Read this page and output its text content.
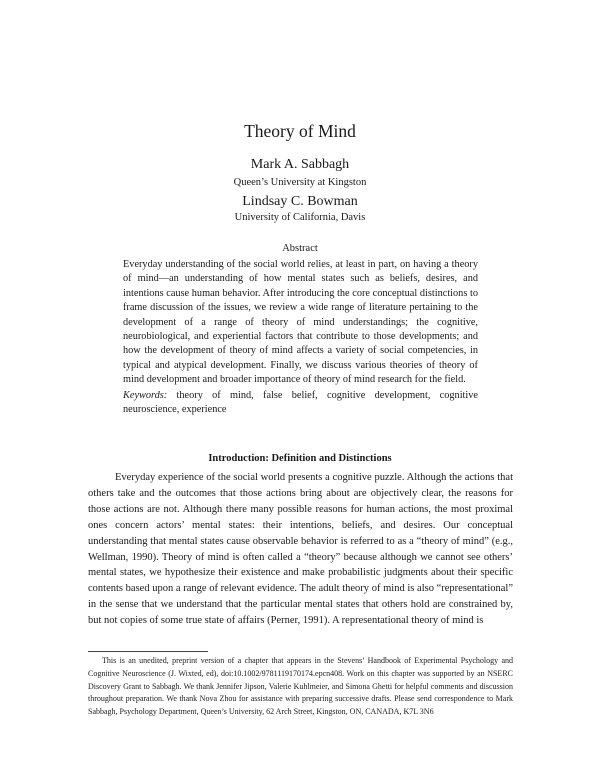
Theory of Mind
Mark A. Sabbagh
Queen’s University at Kingston
Lindsay C. Bowman
University of California, Davis
Abstract

Everyday understanding of the social world relies, at least in part, on having a theory of mind—an understanding of how mental states such as beliefs, desires, and intentions cause human behavior. After introducing the core conceptual distinctions to frame discussion of the issues, we review a wide range of literature pertaining to the development of a range of theory of mind understandings; the cognitive, neurobiological, and experiential factors that contribute to those developments; and how the development of theory of mind affects a variety of social competencies, in typical and atypical development. Finally, we discuss various theories of theory of mind development and broader importance of theory of mind research for the field.

Keywords: theory of mind, false belief, cognitive development, cognitive neuroscience, experience

Introduction: Definition and Distinctions

Everyday experience of the social world presents a cognitive puzzle. Although the actions that others take and the outcomes that those actions bring about are objectively clear, the reasons for those actions are not. Although there many possible reasons for human actions, the most proximal ones concern actors’ mental states: their intentions, beliefs, and desires. Our conceptual understanding that mental states cause observable behavior is referred to as a “theory of mind” (e.g., Wellman, 1990). Theory of mind is often called a “theory” because although we cannot see others’ mental states, we hypothesize their existence and make probabilistic judgments about their specific contents based upon a range of relevant evidence. The adult theory of mind is also “representational” in the sense that we understand that the particular mental states that others hold are constrained by, but not copies of some true state of affairs (Perner, 1991). A representational theory of mind is

This is an unedited, preprint version of a chapter that appears in the Stevens’ Handbook of Experimental Psychology and Cognitive Neuroscience (J. Wixted, ed), doi:10.1002/9781119170174.epcn408. Work on this chapter was supported by an NSERC Discovery Grant to Sabbagh. We thank Jennifer Jipson, Valerie Kuhlmeier, and Simona Ghetti for helpful comments and discussion throughout preparation. We thank Nova Zhou for assistance with preparing successive drafts. Please send correspondence to Mark Sabbagh, Psychology Department, Queen’s University, 62 Arch Street, Kingston, ON, CANADA, K7L 3N6
